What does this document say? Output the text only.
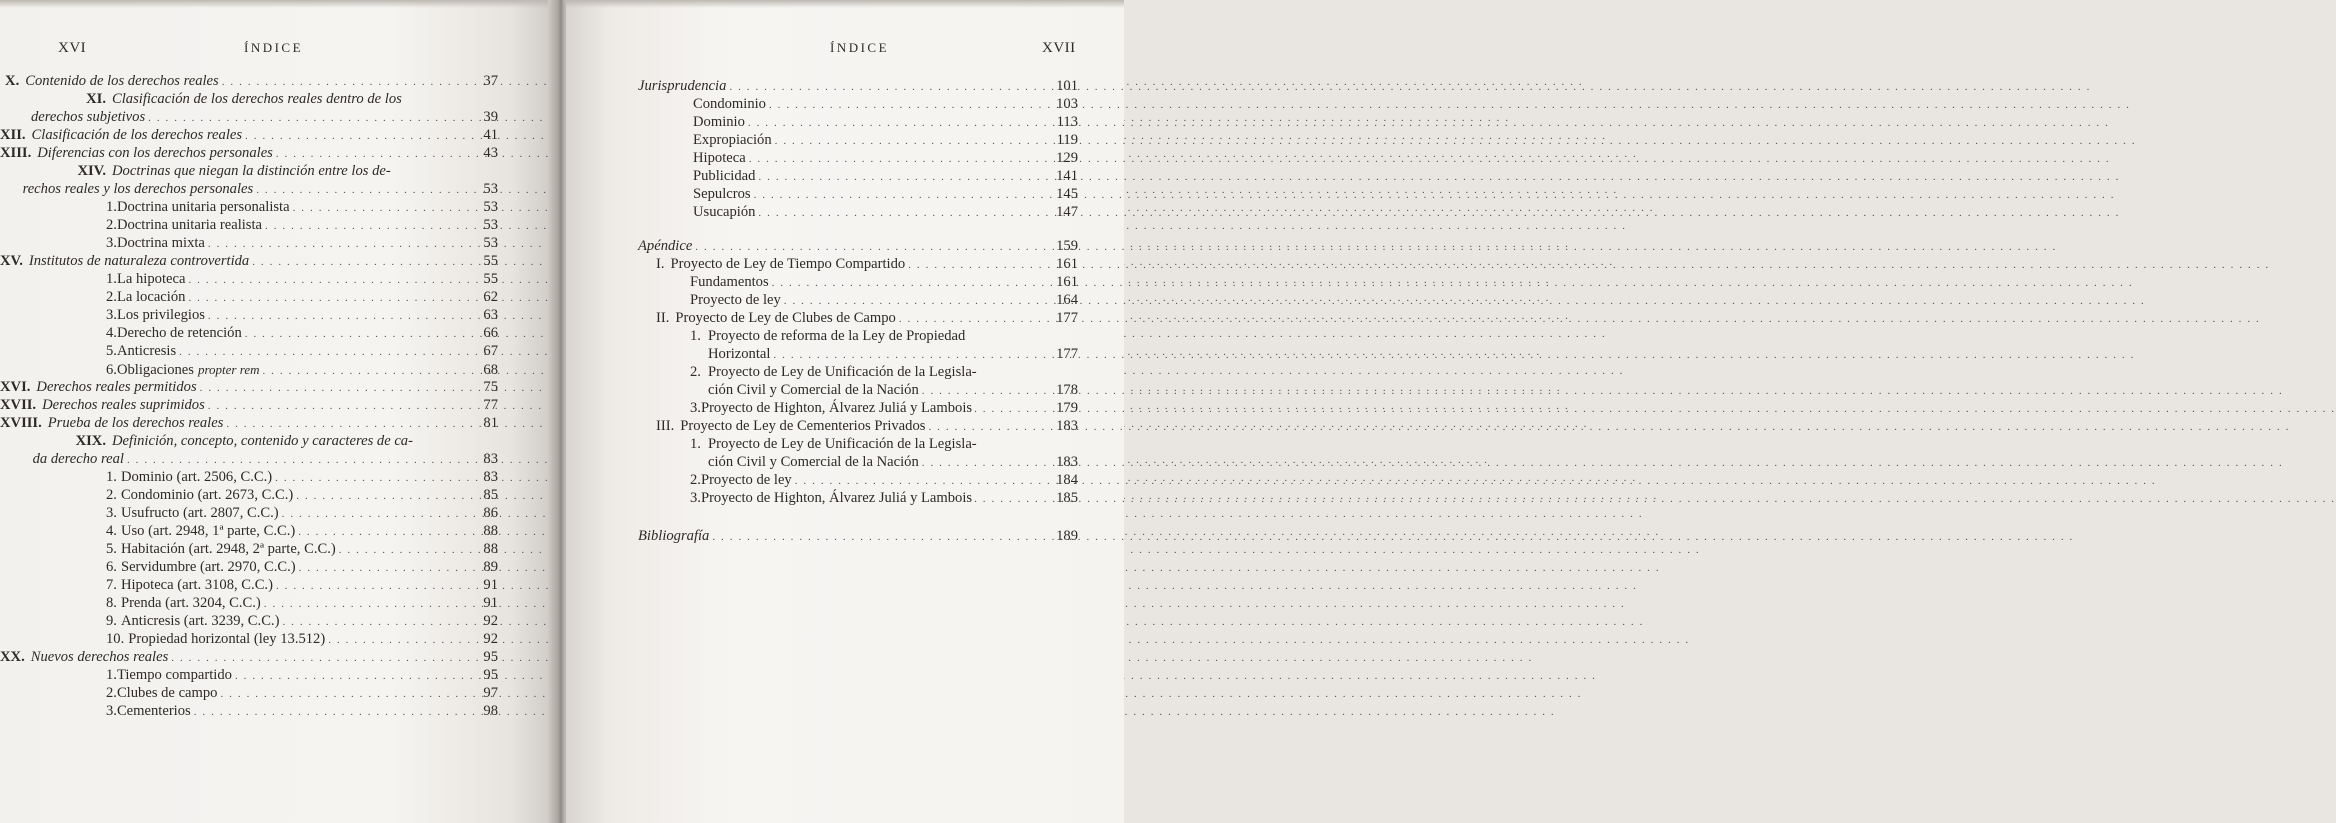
XVI	ÍNDICE
X. Contenido de los derechos reales . . .	37
XI. Clasificación de los derechos reales dentro de los
derechos subjetivos . . .	39
XII. Clasificación de los derechos reales . . .	41
XIII. Diferencias con los derechos personales . . .	43
XIV. Doctrinas que niegan la distinción entre los de-
rechos reales y los derechos personales . . .	53
1. Doctrina unitaria personalista . . .	53
2. Doctrina unitaria realista . . .	53
3. Doctrina mixta . . .	53
XV. Institutos de naturaleza controvertida . . .	55
1. La hipoteca . . .	55
2. La locación . . .	62
3. Los privilegios . . .	63
4. Derecho de retención . . .	66
5. Anticresis . . .	67
6. Obligaciones propter rem . . .	68
XVI. Derechos reales permitidos . . .	75
XVII. Derechos reales suprimidos . . .	77
XVIII. Prueba de los derechos reales . . .	81
XIX. Definición, concepto, contenido y caracteres de ca-
da derecho real . . .	83
1. Dominio (art. 2506, C.C.) . . .	83
2. Condominio (art. 2673, C.C.) . . .	85
3. Usufructo (art. 2807, C.C.) . . .	86
4. Uso (art. 2948, 1ª parte, C.C.) . . .	88
5. Habitación (art. 2948, 2ª parte, C.C.) . . .	88
6. Servidumbre (art. 2970, C.C.) . . .	89
7. Hipoteca (art. 3108, C.C.) . . .	91
8. Prenda (art. 3204, C.C.) . . .	91
9. Anticresis (art. 3239, C.C.) . . .	92
10. Propiedad horizontal (ley 13.512) . . .	92
XX. Nuevos derechos reales . . .	95
1. Tiempo compartido . . .	95
2. Clubes de campo . . .	97
3. Cementerios . . .	98
ÍNDICE	XVII
Jurisprudencia . . .	101
Condominio . . .	103
Dominio . . .	113
Expropiación . . .	119
Hipoteca . . .	129
Publicidad . . .	141
Sepulcros . . .	145
Usucapión . . .	147
Apéndice . . .	159
I. Proyecto de Ley de Tiempo Compartido . . .	161
Fundamentos . . .	161
Proyecto de ley . . .	164
II. Proyecto de Ley de Clubes de Campo . . .	177
1. Proyecto de reforma de la Ley de Propiedad
Horizontal . . .	177
2. Proyecto de Ley de Unificación de la Legisla-
ción Civil y Comercial de la Nación . . .	178
3. Proyecto de Highton, Álvarez Juliá y Lambois . . .	179
III. Proyecto de Ley de Cementerios Privados . . .	183
1. Proyecto de Ley de Unificación de la Legisla-
ción Civil y Comercial de la Nación . . .	183
2. Proyecto de ley . . .	184
3. Proyecto de Highton, Álvarez Juliá y Lambois . . .	185
Bibliografía . . .	189
